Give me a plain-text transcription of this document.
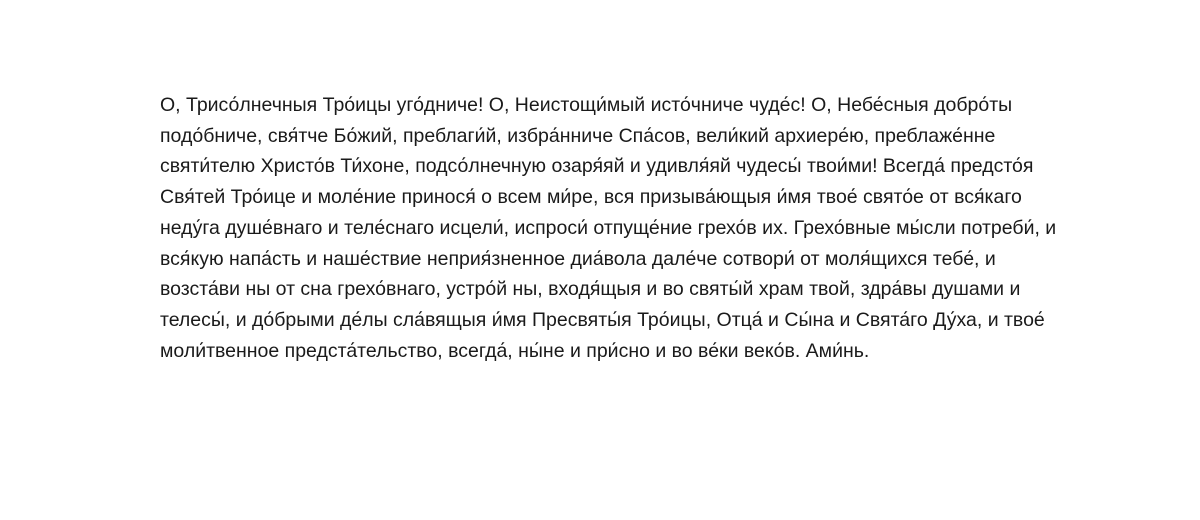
О, Трисо́лнечныя Тро́ицы уго́дниче! О, Неистощи́мый исто́чниче чуде́с! О, Небе́сныя добро́ты
подо́бниче, свя́тче Бо́жий, преблаги́й, избра́нниче Спа́сов, вели́кий архиере́ю, преблаже́нне
святи́телю Христо́в Ти́хоне, подсо́лнечную озаря́яй и удивля́яй чудесы́ твои́ми! Всегда́ предсто́я
Свя́тей Тро́ице и моле́ние принося́ о всем ми́ре, вся призыва́ющыя и́мя твое́ свято́е от вся́каго
неду́га душе́внаго и теле́снаго исцели́, испроси́ отпуще́ние грехо́в их. Грехо́вные мы́сли потреби́, и
вся́кую напа́сть и наше́ствие неприя́зненное диа́вола дале́че сотвори́ от моля́щихся тебе́, и
возста́ви ны от сна грехо́внаго, устро́й ны, входя́щыя и во святы́й храм твой, здра́вы душами и
телесы́, и до́брыми де́лы сла́вящыя и́мя Пресвяты́я Тро́ицы, Отца́ и Сы́на и Свята́го Ду́ха, и твое́
моли́твенное предста́тельство, всегда́, ны́не и при́сно и во ве́ки веко́в. Ами́нь.
